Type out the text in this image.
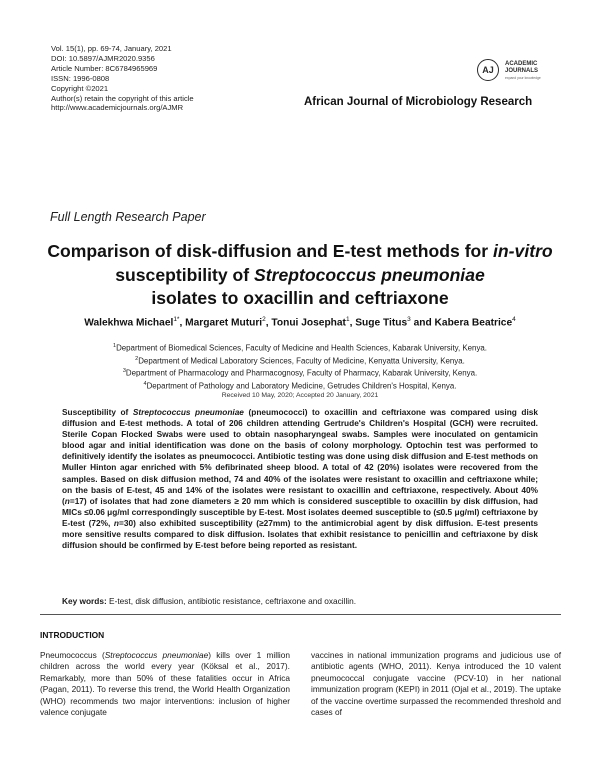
Vol. 15(1), pp. 69-74, January, 2021
DOI: 10.5897/AJMR2020.9356
Article Number: 8C6784965969
ISSN: 1996-0808
Copyright ©2021
Author(s) retain the copyright of this article
http://www.academicjournals.org/AJMR
AJ
ACADEMIC
JOURNALS
expand your knowledge
African Journal of Microbiology Research
Full Length Research Paper
Comparison of disk-diffusion and E-test methods for in-vitro susceptibility of Streptococcus pneumoniae
isolates to oxacillin and ceftriaxone
Walekhwa Michael$^{1*}$, Margaret Muturi$^2$, Tonui Josephat$^1$, Suge Titus$^3$ and Kabera Beatrice$^4$
$^1$Department of Biomedical Sciences, Faculty of Medicine and Health Sciences, Kabarak University, Kenya.
$^2$Department of Medical Laboratory Sciences, Faculty of Medicine, Kenyatta University, Kenya.
$^3$Department of Pharmacology and Pharmacognosy, Faculty of Pharmacy, Kabarak University, Kenya.
$^4$Department of Pathology and Laboratory Medicine, Getrudes Children's Hospital, Kenya.
Received 10 May, 2020; Accepted 20 January, 2021
Susceptibility of Streptococcus pneumoniae (pneumococci) to oxacillin and ceftriaxone was compared using disk diffusion and E-test methods. A total of 206 children attending Gertrude's Children's Hospital (GCH) were recruited. Sterile Copan Flocked Swabs were used to obtain nasopharyngeal swabs. Samples were inoculated on gentamicin blood agar and initial identification was done on the basis of colony morphology. Optochin test was performed to definitively identify the isolates as pneumococci. Antibiotic testing was done using disk diffusion and E-test methods on Muller Hinton agar enriched with 5% defibrinated sheep blood. A total of 42 (20%) isolates were recovered from the samples. Based on disk diffusion method, 74 and 40% of the isolates were resistant to oxacillin and ceftriaxone while; on the basis of E-test, 45 and 14% of the isolates were resistant to oxacillin and ceftriaxone, respectively. About 40% (n=17) of isolates that had zone diameters ≥ 20 mm which is considered susceptible to oxacillin by disk diffusion, had MICs ≤0.06 μg/ml correspondingly susceptible by E-test. Most isolates deemed susceptible to (≤0.5 μg/ml) ceftriaxone by E-test (72%, n=30) also exhibited susceptibility (≥27mm) to the antimicrobial agent by disk diffusion. E-test presents more sensitive results compared to disk diffusion. Isolates that exhibit resistance to penicillin and ceftriaxone by disk diffusion should be confirmed by E-test before being reported as resistant.
Key words: E-test, disk diffusion, antibiotic resistance, ceftriaxone and oxacillin.
INTRODUCTION
Pneumococcus (Streptococcus pneumoniae) kills over 1 million children across the world every year (Köksal et al., 2017). Remarkably, more than 50% of these fatalities occur in Africa (Pagan, 2011). To reverse this trend, the World Health Organization (WHO) recommends two major interventions: inclusion of higher valence conjugate
vaccines in national immunization programs and judicious use of antibiotic agents (WHO, 2011). Kenya introduced the 10 valent pneumococcal conjugate vaccine (PCV-10) in her national immunization program (KEPI) in 2011 (Ojal et al., 2019). The uptake of the vaccine overtime surpassed the recommended threshold and cases of
